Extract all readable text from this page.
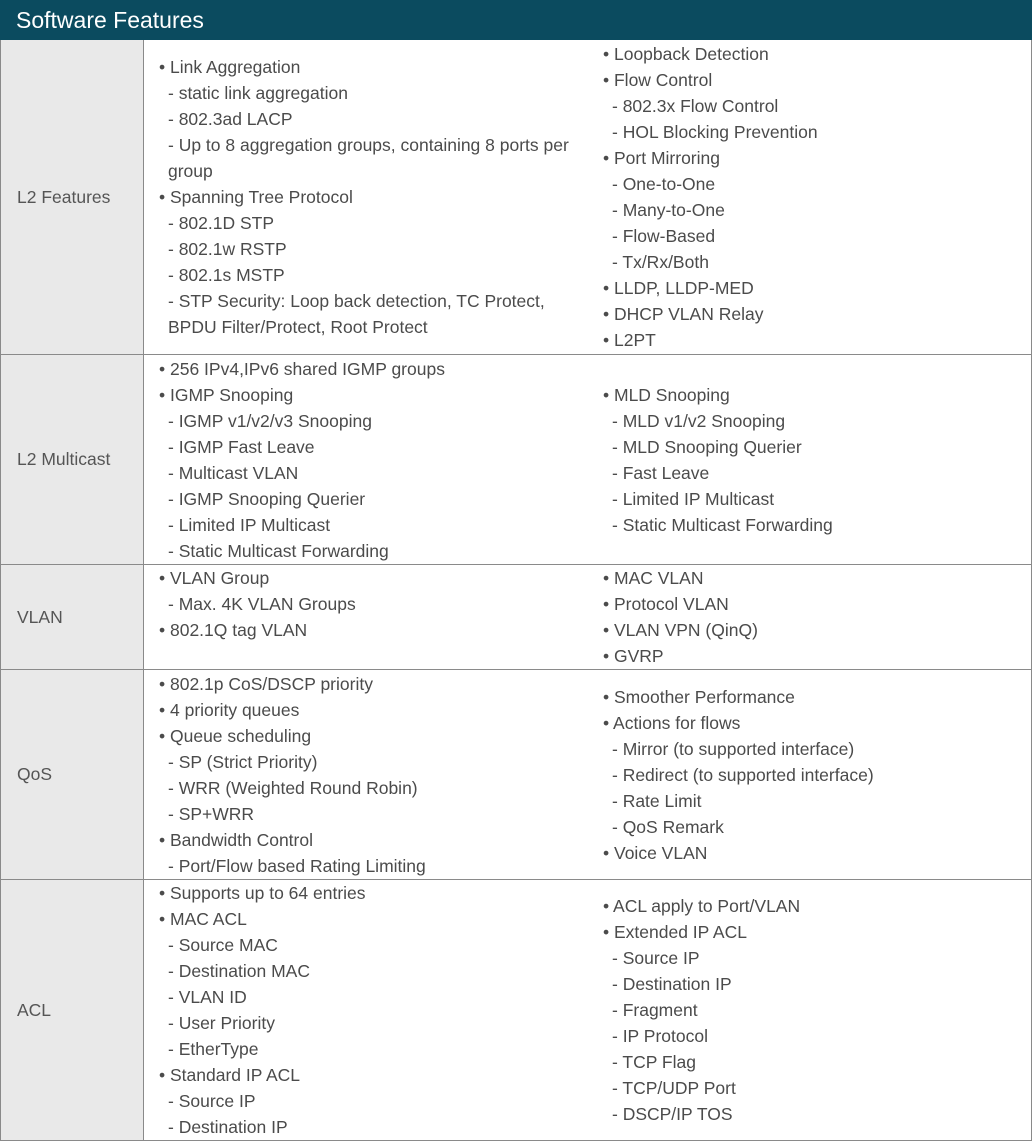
Software Features
L2 Features
• Link Aggregation
- static link aggregation
- 802.3ad LACP
- Up to 8 aggregation groups, containing 8 ports per group
• Spanning Tree Protocol
- 802.1D STP
- 802.1w RSTP
- 802.1s MSTP
- STP Security: Loop back detection, TC Protect, BPDU Filter/Protect, Root Protect
• Loopback Detection
• Flow Control
- 802.3x Flow Control
- HOL Blocking Prevention
• Port Mirroring
- One-to-One
- Many-to-One
- Flow-Based
- Tx/Rx/Both
• LLDP, LLDP-MED
• DHCP VLAN Relay
• L2PT
L2 Multicast
• 256 IPv4,IPv6 shared IGMP groups
• IGMP Snooping
- IGMP v1/v2/v3 Snooping
- IGMP Fast Leave
- Multicast VLAN
- IGMP Snooping Querier
- Limited IP Multicast
- Static Multicast Forwarding
• MLD Snooping
- MLD v1/v2 Snooping
- MLD Snooping Querier
- Fast Leave
- Limited IP Multicast
- Static Multicast Forwarding
VLAN
• VLAN Group
- Max. 4K VLAN Groups
• 802.1Q tag VLAN
• MAC VLAN
• Protocol VLAN
• VLAN VPN (QinQ)
• GVRP
QoS
• 802.1p CoS/DSCP priority
• 4 priority queues
• Queue scheduling
- SP (Strict Priority)
- WRR (Weighted Round Robin)
- SP+WRR
• Bandwidth Control
- Port/Flow based Rating Limiting
• Smoother Performance
• Actions for flows
- Mirror (to supported interface)
- Redirect (to supported interface)
- Rate Limit
- QoS Remark
• Voice VLAN
ACL
• Supports up to 64 entries
• MAC ACL
- Source MAC
- Destination MAC
- VLAN ID
- User Priority
- EtherType
• Standard IP ACL
- Source IP
- Destination IP
• ACL apply to Port/VLAN
• Extended IP ACL
- Source IP
- Destination IP
- Fragment
- IP Protocol
- TCP Flag
- TCP/UDP Port
- DSCP/IP TOS
